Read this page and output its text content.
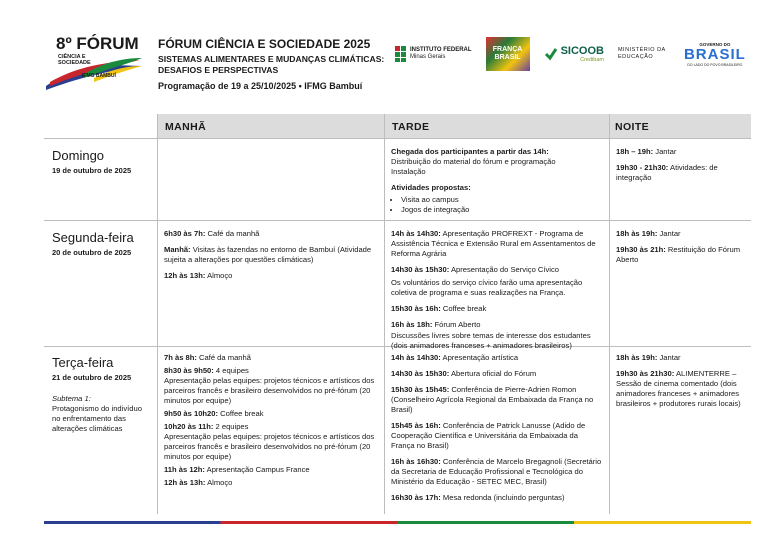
8º FÓRUM
CIÊNCIA E SOCIEDADE
IFMG BAMBUÍ
FÓRUM CIÊNCIA E SOCIEDADE 2025
SISTEMAS ALIMENTARES E MUDANÇAS CLIMÁTICAS: DESAFIOS E PERSPECTIVAS
Programação de 19 a 25/10/2025 • IFMG Bambuí
INSTITUTO FEDERAL
Minas Gerais
FRANÇA BRASIL
SICOOB
Credibam
MINISTÉRIO DA EDUCAÇÃO
GOVERNO DO
BRASIL
DO LADO DO POVO BRASILEIRO
MANHÃ	TARDE	NOITE
Domingo
19 de outubro de 2025
Chegada dos participantes a partir das 14h:
Distribuição do material do fórum e programação
Instalação
Atividades propostas:
• Visita ao campus
• Jogos de integração

18h – 19h: Jantar

19h30 - 21h30: Atividades: de integração

Segunda-feira
20 de outubro de 2025

6h30 às 7h: Café da manhã

Manhã: Visitas às fazendas no entorno de Bambuí (Atividade sujeita a alterações por questões climáticas)

12h às 13h: Almoço

14h às 14h30: Apresentação PROFREXT - Programa de Assistência Técnica e Extensão Rural em Assentamentos de Reforma Agrária

14h30 às 15h30: Apresentação do Serviço Cívico

Os voluntários do serviço cívico farão uma apresentação coletiva de programa e suas realizações na França.

15h30 às 16h: Coffee break

16h às 18h: Fórum Aberto

Discussões livres sobre temas de interesse dos estudantes (dois animadores franceses + animadores brasileiros)

18h às 19h: Jantar

19h30 às 21h: Restituição do Fórum Aberto

Terça-feira
21 de outubro de 2025
Subtema 1:
Protagonismo do indivíduo no enfrentamento das alterações climáticas

7h às 8h: Café da manhã

8h30 às 9h50: 4 equipes

Apresentação pelas equipes: projetos técnicos e artísticos dos parceiros francês e brasileiro desenvolvidos no pré-fórum (20 minutos por equipe)

9h50 às 10h20: Coffee break

10h20 às 11h: 2 equipes

Apresentação pelas equipes: projetos técnicos e artísticos dos parceiros francês e brasileiro desenvolvidos no pré-fórum (20 minutos por equipe)

11h às 12h: Apresentação Campus France

12h às 13h: Almoço

14h às 14h30: Apresentação artística

14h30 às 15h30: Abertura oficial do Fórum

15h30 às 15h45: Conferência de Pierre-Adrien Romon (Conselheiro Agrícola Regional da Embaixada da França no Brasil)

15h45 às 16h: Conferência de Patrick Lanusse (Adido de Cooperação Científica e Universitária da Embaixada da França no Brasil)

16h às 16h30: Conferência de Marcelo Bregagnoli (Secretário da Secretaria de Educação Profissional e Tecnológica do Ministério da Educação - SETEC MEC, Brasil)

16h30 às 17h: Mesa redonda (incluindo perguntas)

18h às 19h: Jantar

19h30 às 21h30: ALIMENTERRE – Sessão de cinema comentado (dois animadores franceses + animadores brasileiros + produtores rurais locais)
